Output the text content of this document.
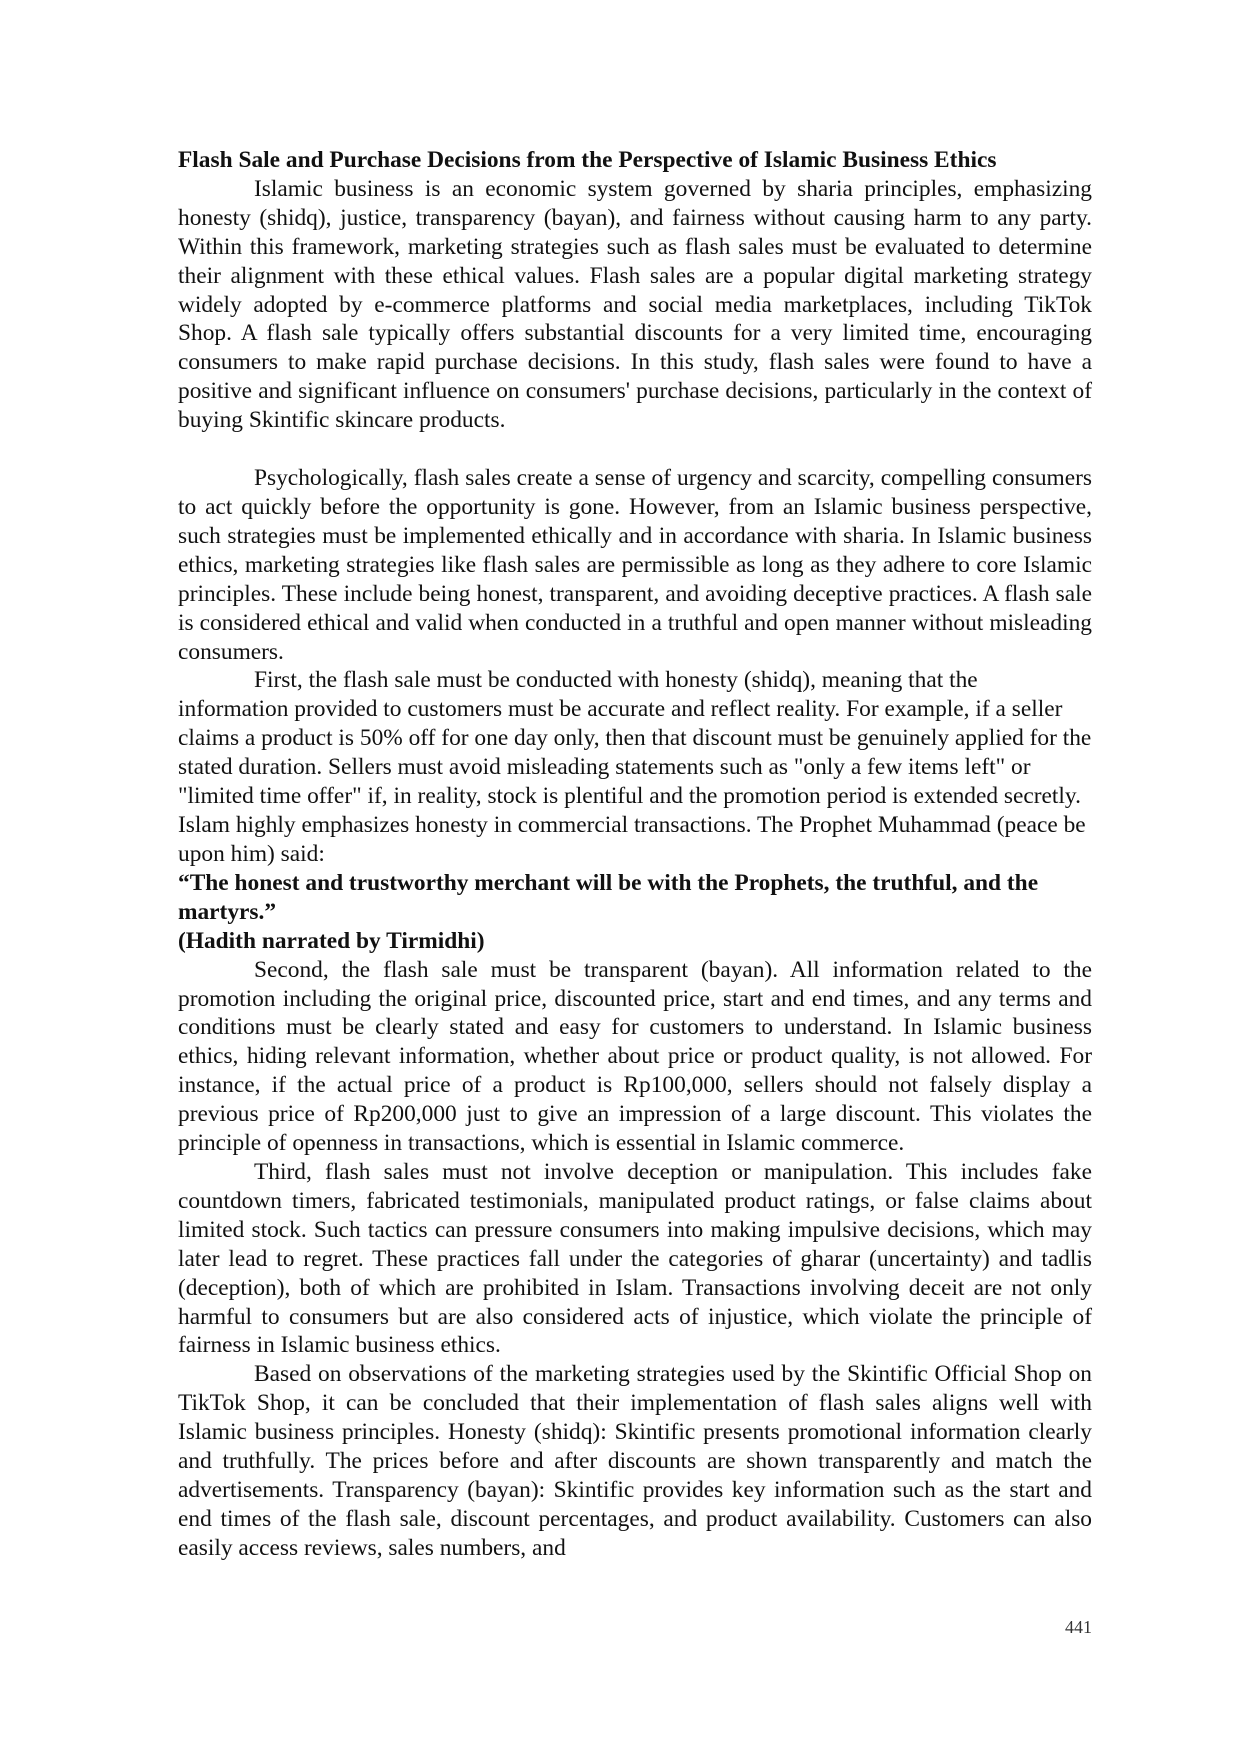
Flash Sale and Purchase Decisions from the Perspective of Islamic Business Ethics

Islamic business is an economic system governed by sharia principles, emphasizing honesty (shidq), justice, transparency (bayan), and fairness without causing harm to any party. Within this framework, marketing strategies such as flash sales must be evaluated to determine their alignment with these ethical values. Flash sales are a popular digital marketing strategy widely adopted by e-commerce platforms and social media marketplaces, including TikTok Shop. A flash sale typically offers substantial discounts for a very limited time, encouraging consumers to make rapid purchase decisions. In this study, flash sales were found to have a positive and significant influence on consumers' purchase decisions, particularly in the context of buying Skintific skincare products.

Psychologically, flash sales create a sense of urgency and scarcity, compelling consumers to act quickly before the opportunity is gone. However, from an Islamic business perspective, such strategies must be implemented ethically and in accordance with sharia. In Islamic business ethics, marketing strategies like flash sales are permissible as long as they adhere to core Islamic principles. These include being honest, transparent, and avoiding deceptive practices. A flash sale is considered ethical and valid when conducted in a truthful and open manner without misleading consumers.

First, the flash sale must be conducted with honesty (shidq), meaning that the information provided to customers must be accurate and reflect reality. For example, if a seller claims a product is 50% off for one day only, then that discount must be genuinely applied for the stated duration. Sellers must avoid misleading statements such as "only a few items left" or "limited time offer" if, in reality, stock is plentiful and the promotion period is extended secretly. Islam highly emphasizes honesty in commercial transactions. The Prophet Muhammad (peace be upon him) said:

“The honest and trustworthy merchant will be with the Prophets, the truthful, and the martyrs.”

(Hadith narrated by Tirmidhi)

Second, the flash sale must be transparent (bayan). All information related to the promotion including the original price, discounted price, start and end times, and any terms and conditions must be clearly stated and easy for customers to understand. In Islamic business ethics, hiding relevant information, whether about price or product quality, is not allowed. For instance, if the actual price of a product is Rp100,000, sellers should not falsely display a previous price of Rp200,000 just to give an impression of a large discount. This violates the principle of openness in transactions, which is essential in Islamic commerce.

Third, flash sales must not involve deception or manipulation. This includes fake countdown timers, fabricated testimonials, manipulated product ratings, or false claims about limited stock. Such tactics can pressure consumers into making impulsive decisions, which may later lead to regret. These practices fall under the categories of gharar (uncertainty) and tadlis (deception), both of which are prohibited in Islam. Transactions involving deceit are not only harmful to consumers but are also considered acts of injustice, which violate the principle of fairness in Islamic business ethics.

Based on observations of the marketing strategies used by the Skintific Official Shop on TikTok Shop, it can be concluded that their implementation of flash sales aligns well with Islamic business principles. Honesty (shidq): Skintific presents promotional information clearly and truthfully. The prices before and after discounts are shown transparently and match the advertisements. Transparency (bayan): Skintific provides key information such as the start and end times of the flash sale, discount percentages, and product availability. Customers can also easily access reviews, sales numbers, and

441
